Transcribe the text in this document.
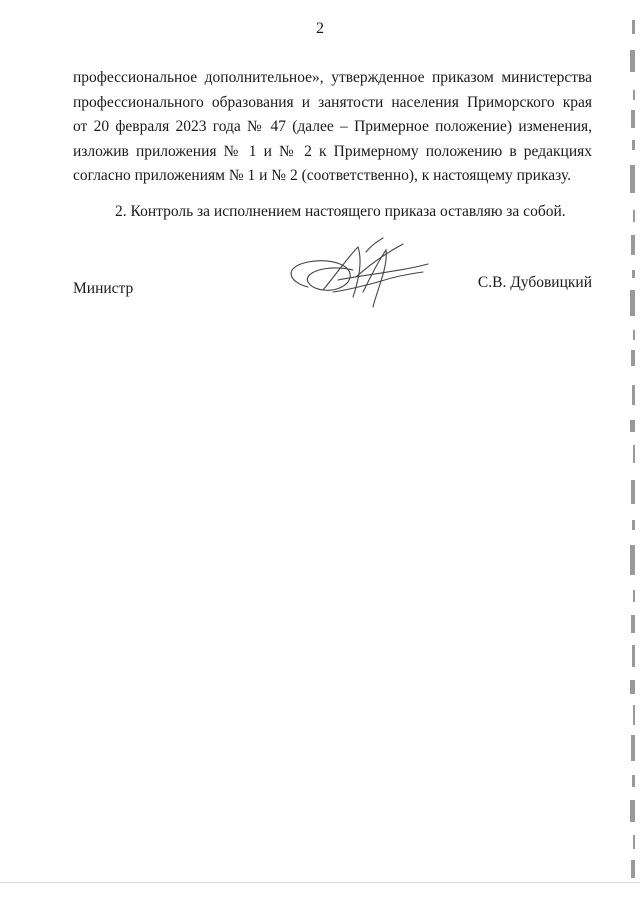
2
профессиональное дополнительное», утвержденное приказом министерства
профессионального образования и занятости населения Приморского края
от 20 февраля 2023 года № 47 (далее – Примерное положение) изменения,
изложив приложения № 1 и № 2 к Примерному положению в редакциях
согласно приложениям № 1 и № 2 (соответственно), к настоящему приказу.
2. Контроль за исполнением настоящего приказа оставляю за собой.
Министр	С.В. Дубовицкий
